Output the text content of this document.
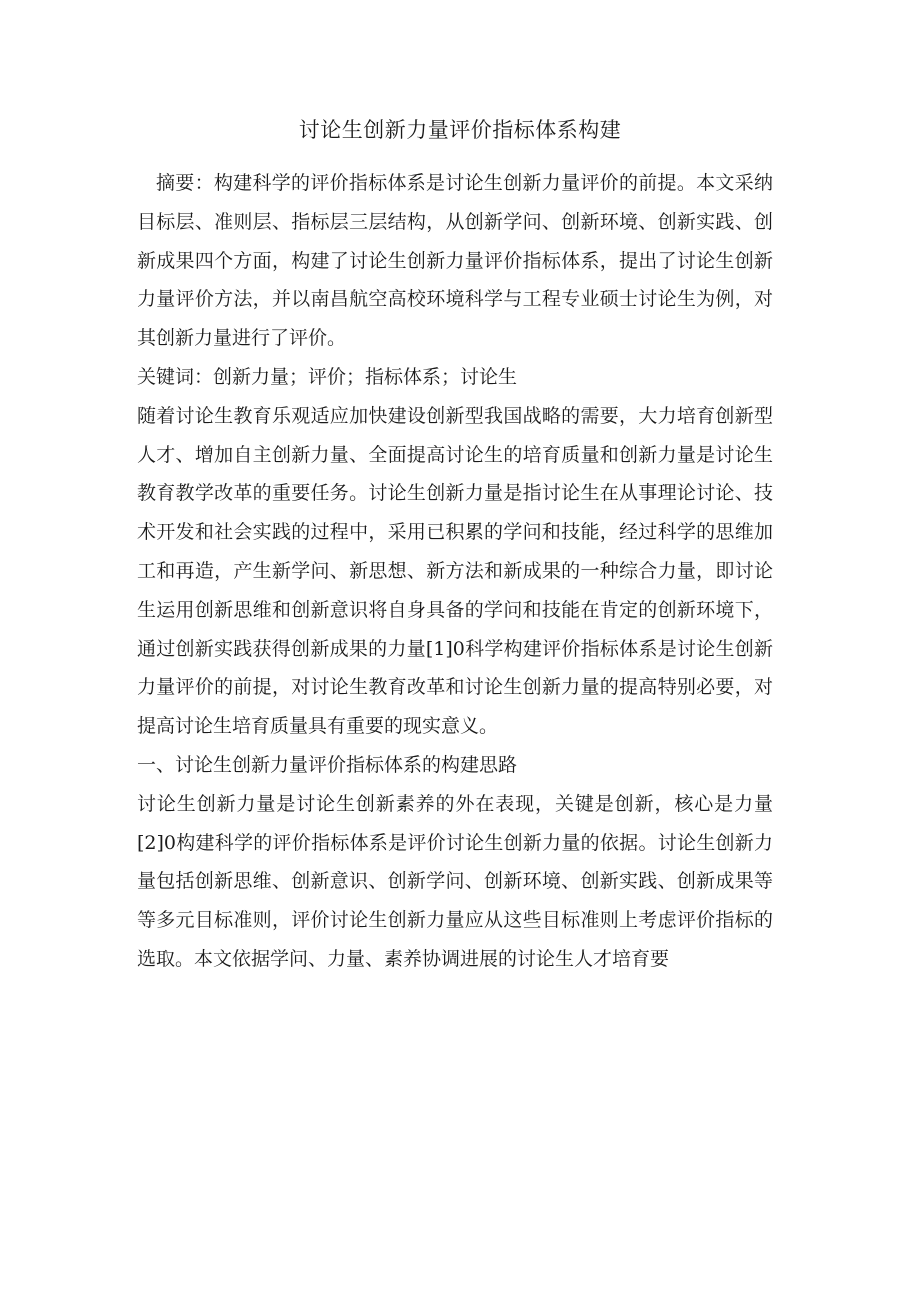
讨论生创新力量评价指标体系构建

摘要：构建科学的评价指标体系是讨论生创新力量评价的前提。本文采纳目标层、准则层、指标层三层结构，从创新学问、创新环境、创新实践、创新成果四个方面，构建了讨论生创新力量评价指标体系，提出了讨论生创新力量评价方法，并以南昌航空高校环境科学与工程专业硕士讨论生为例，对其创新力量进行了评价。

关键词：创新力量；评价；指标体系；讨论生

随着讨论生教育乐观适应加快建设创新型我国战略的需要，大力培育创新型人才、增加自主创新力量、全面提高讨论生的培育质量和创新力量是讨论生教育教学改革的重要任务。讨论生创新力量是指讨论生在从事理论讨论、技术开发和社会实践的过程中，采用已积累的学问和技能，经过科学的思维加工和再造，产生新学问、新思想、新方法和新成果的一种综合力量，即讨论生运用创新思维和创新意识将自身具备的学问和技能在肯定的创新环境下，通过创新实践获得创新成果的力量[1]0科学构建评价指标体系是讨论生创新力量评价的前提，对讨论生教育改革和讨论生创新力量的提高特别必要，对提高讨论生培育质量具有重要的现实意义。

一、讨论生创新力量评价指标体系的构建思路

讨论生创新力量是讨论生创新素养的外在表现，关键是创新，核心是力量[2]0构建科学的评价指标体系是评价讨论生创新力量的依据。讨论生创新力量包括创新思维、创新意识、创新学问、创新环境、创新实践、创新成果等等多元目标准则，评价讨论生创新力量应从这些目标准则上考虑评价指标的选取。本文依据学问、力量、素养协调进展的讨论生人才培育要
